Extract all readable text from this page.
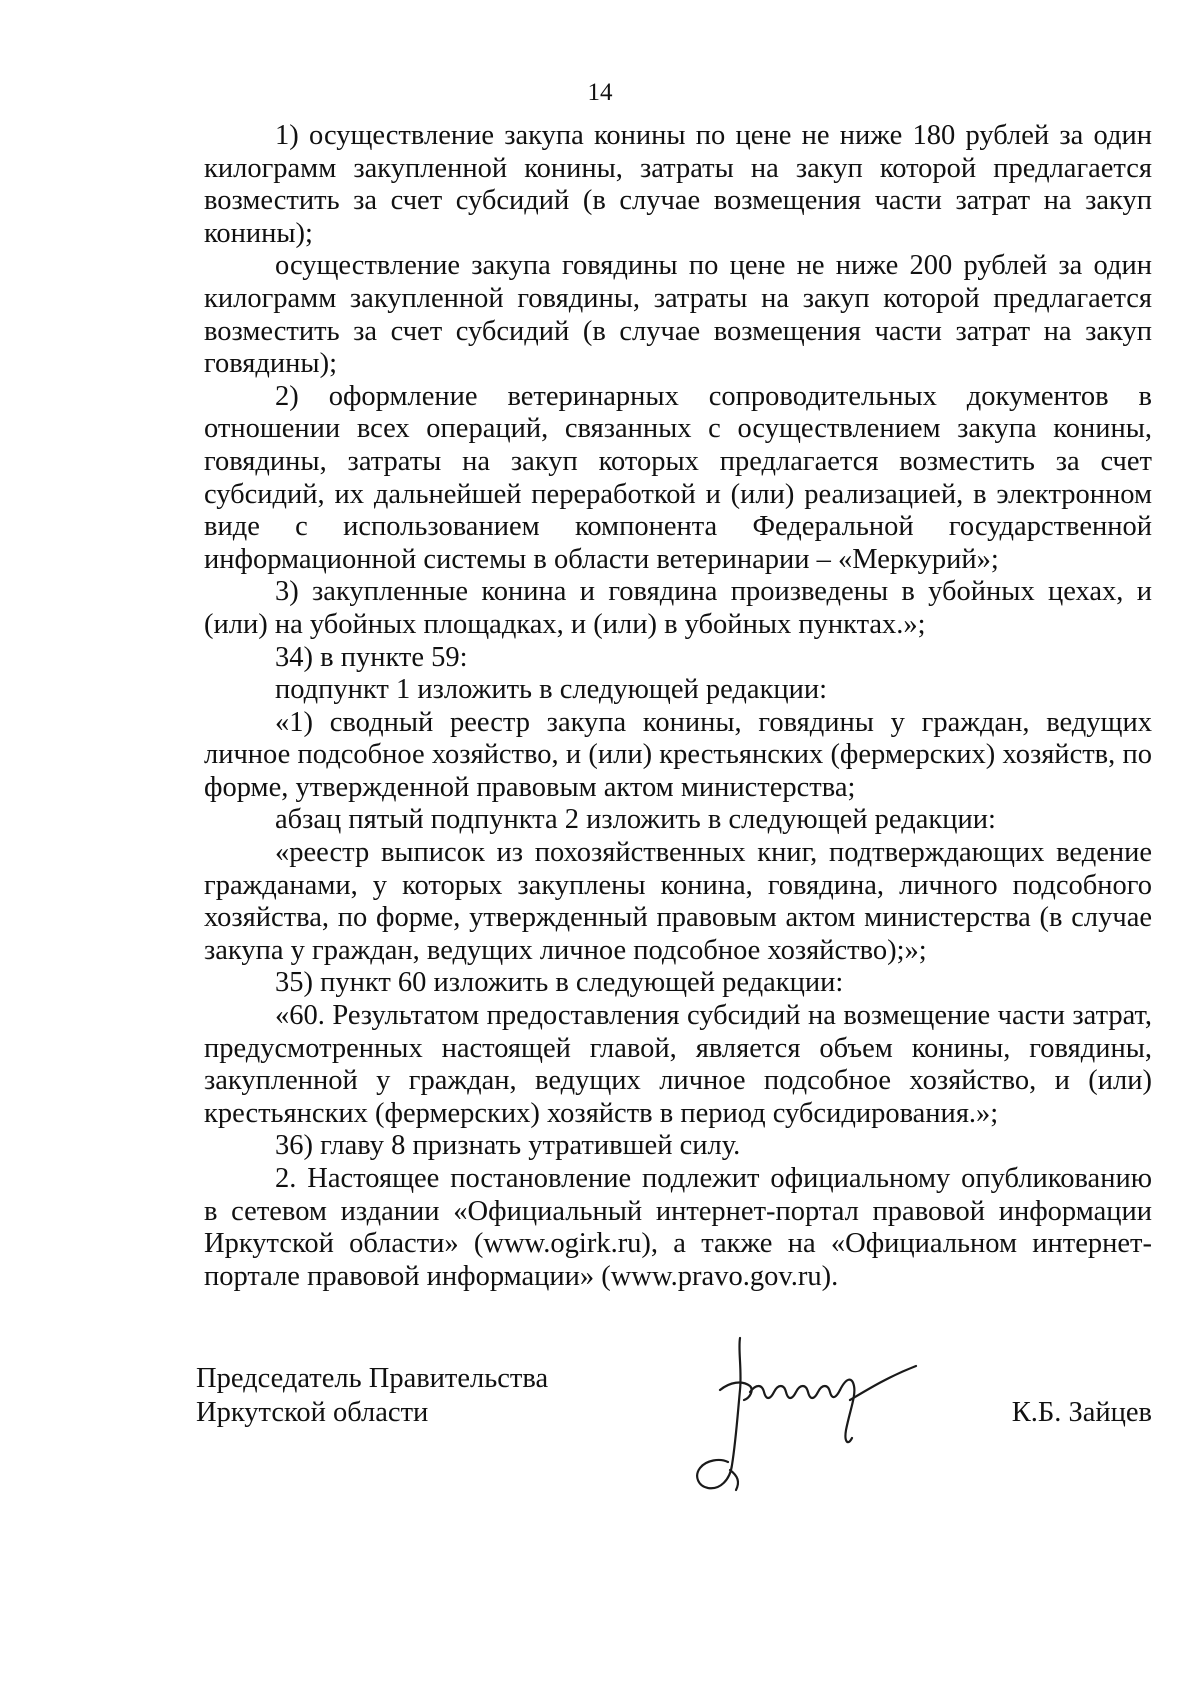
14

1) осуществление закупа конины по цене не ниже 180 рублей за один килограмм закупленной конины, затраты на закуп которой предлагается возместить за счет субсидий (в случае возмещения части затрат на закуп конины);

осуществление закупа говядины по цене не ниже 200 рублей за один килограмм закупленной говядины, затраты на закуп которой предлагается возместить за счет субсидий (в случае возмещения части затрат на закуп говядины);

2) оформление ветеринарных сопроводительных документов в отношении всех операций, связанных с осуществлением закупа конины, говядины, затраты на закуп которых предлагается возместить за счет субсидий, их дальнейшей переработкой и (или) реализацией, в электронном виде с использованием компонента Федеральной государственной информационной системы в области ветеринарии – «Меркурий»;

3) закупленные конина и говядина произведены в убойных цехах, и (или) на убойных площадках, и (или) в убойных пунктах.»;

34) в пункте 59:

подпункт 1 изложить в следующей редакции:

«1) сводный реестр закупа конины, говядины у граждан, ведущих личное подсобное хозяйство, и (или) крестьянских (фермерских) хозяйств, по форме, утвержденной правовым актом министерства;

абзац пятый подпункта 2 изложить в следующей редакции:

«реестр выписок из похозяйственных книг, подтверждающих ведение гражданами, у которых закуплены конина, говядина, личного подсобного хозяйства, по форме, утвержденный правовым актом министерства (в случае закупа у граждан, ведущих личное подсобное хозяйство);»;

35) пункт 60 изложить в следующей редакции:

«60. Результатом предоставления субсидий на возмещение части затрат, предусмотренных настоящей главой, является объем конины, говядины, закупленной у граждан, ведущих личное подсобное хозяйство, и (или) крестьянских (фермерских) хозяйств в период субсидирования.»;

36) главу 8 признать утратившей силу.

2. Настоящее постановление подлежит официальному опубликованию в сетевом издании «Официальный интернет-портал правовой информации Иркутской области» (www.ogirk.ru), а также на «Официальном интернет-портале правовой информации» (www.pravo.gov.ru).

Председатель Правительства
Иркутской области	К.Б. Зайцев
